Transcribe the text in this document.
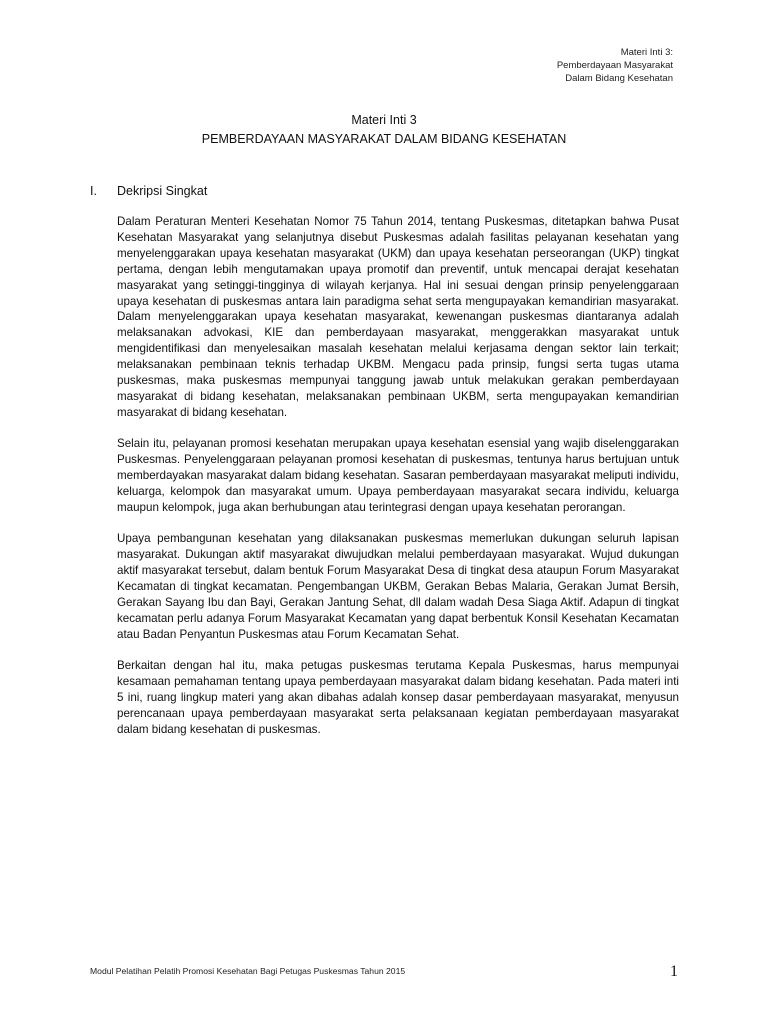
Materi Inti 3:
Pemberdayaan Masyarakat
Dalam Bidang Kesehatan
Materi Inti 3
PEMBERDAYAAN MASYARAKAT DALAM BIDANG KESEHATAN
I. Dekripsi Singkat

Dalam Peraturan Menteri Kesehatan Nomor 75 Tahun 2014, tentang Puskesmas, ditetapkan bahwa Pusat Kesehatan Masyarakat yang selanjutnya disebut Puskesmas adalah fasilitas pelayanan kesehatan yang menyelenggarakan upaya kesehatan masyarakat (UKM) dan upaya kesehatan perseorangan (UKP) tingkat pertama, dengan lebih mengutamakan upaya promotif dan preventif, untuk mencapai derajat kesehatan masyarakat yang setinggi-tingginya di wilayah kerjanya. Hal ini sesuai dengan prinsip penyelenggaraan upaya kesehatan di puskesmas antara lain paradigma sehat serta mengupayakan kemandirian masyarakat. Dalam menyelenggarakan upaya kesehatan masyarakat, kewenangan puskesmas diantaranya adalah melaksanakan advokasi, KIE dan pemberdayaan masyarakat, menggerakkan masyarakat untuk mengidentifikasi dan menyelesaikan masalah kesehatan melalui kerjasama dengan sektor lain terkait; melaksanakan pembinaan teknis terhadap UKBM. Mengacu pada prinsip, fungsi serta tugas utama puskesmas, maka puskesmas mempunyai tanggung jawab untuk melakukan gerakan pemberdayaan masyarakat di bidang kesehatan, melaksanakan pembinaan UKBM, serta mengupayakan kemandirian masyarakat di bidang kesehatan.

Selain itu, pelayanan promosi kesehatan merupakan upaya kesehatan esensial yang wajib diselenggarakan Puskesmas. Penyelenggaraan pelayanan promosi kesehatan di puskesmas, tentunya harus bertujuan untuk memberdayakan masyarakat dalam bidang kesehatan. Sasaran pemberdayaan masyarakat meliputi individu, keluarga, kelompok dan masyarakat umum. Upaya pemberdayaan masyarakat secara individu, keluarga maupun kelompok, juga akan berhubungan atau terintegrasi dengan upaya kesehatan perorangan.

Upaya pembangunan kesehatan yang dilaksanakan puskesmas memerlukan dukungan seluruh lapisan masyarakat. Dukungan aktif masyarakat diwujudkan melalui pemberdayaan masyarakat. Wujud dukungan aktif masyarakat tersebut, dalam bentuk Forum Masyarakat Desa di tingkat desa ataupun Forum Masyarakat Kecamatan di tingkat kecamatan. Pengembangan UKBM, Gerakan Bebas Malaria, Gerakan Jumat Bersih, Gerakan Sayang Ibu dan Bayi, Gerakan Jantung Sehat, dll dalam wadah Desa Siaga Aktif. Adapun di tingkat kecamatan perlu adanya Forum Masyarakat Kecamatan yang dapat berbentuk Konsil Kesehatan Kecamatan atau Badan Penyantun Puskesmas atau Forum Kecamatan Sehat.

Berkaitan dengan hal itu, maka petugas puskesmas terutama Kepala Puskesmas, harus mempunyai kesamaan pemahaman tentang upaya pemberdayaan masyarakat dalam bidang kesehatan. Pada materi inti 5 ini, ruang lingkup materi yang akan dibahas adalah konsep dasar pemberdayaan masyarakat, menyusun perencanaan upaya pemberdayaan masyarakat serta pelaksanaan kegiatan pemberdayaan masyarakat dalam bidang kesehatan di puskesmas.

Modul Pelatihan Pelatih Promosi Kesehatan Bagi Petugas Puskesmas Tahun 2015	1
